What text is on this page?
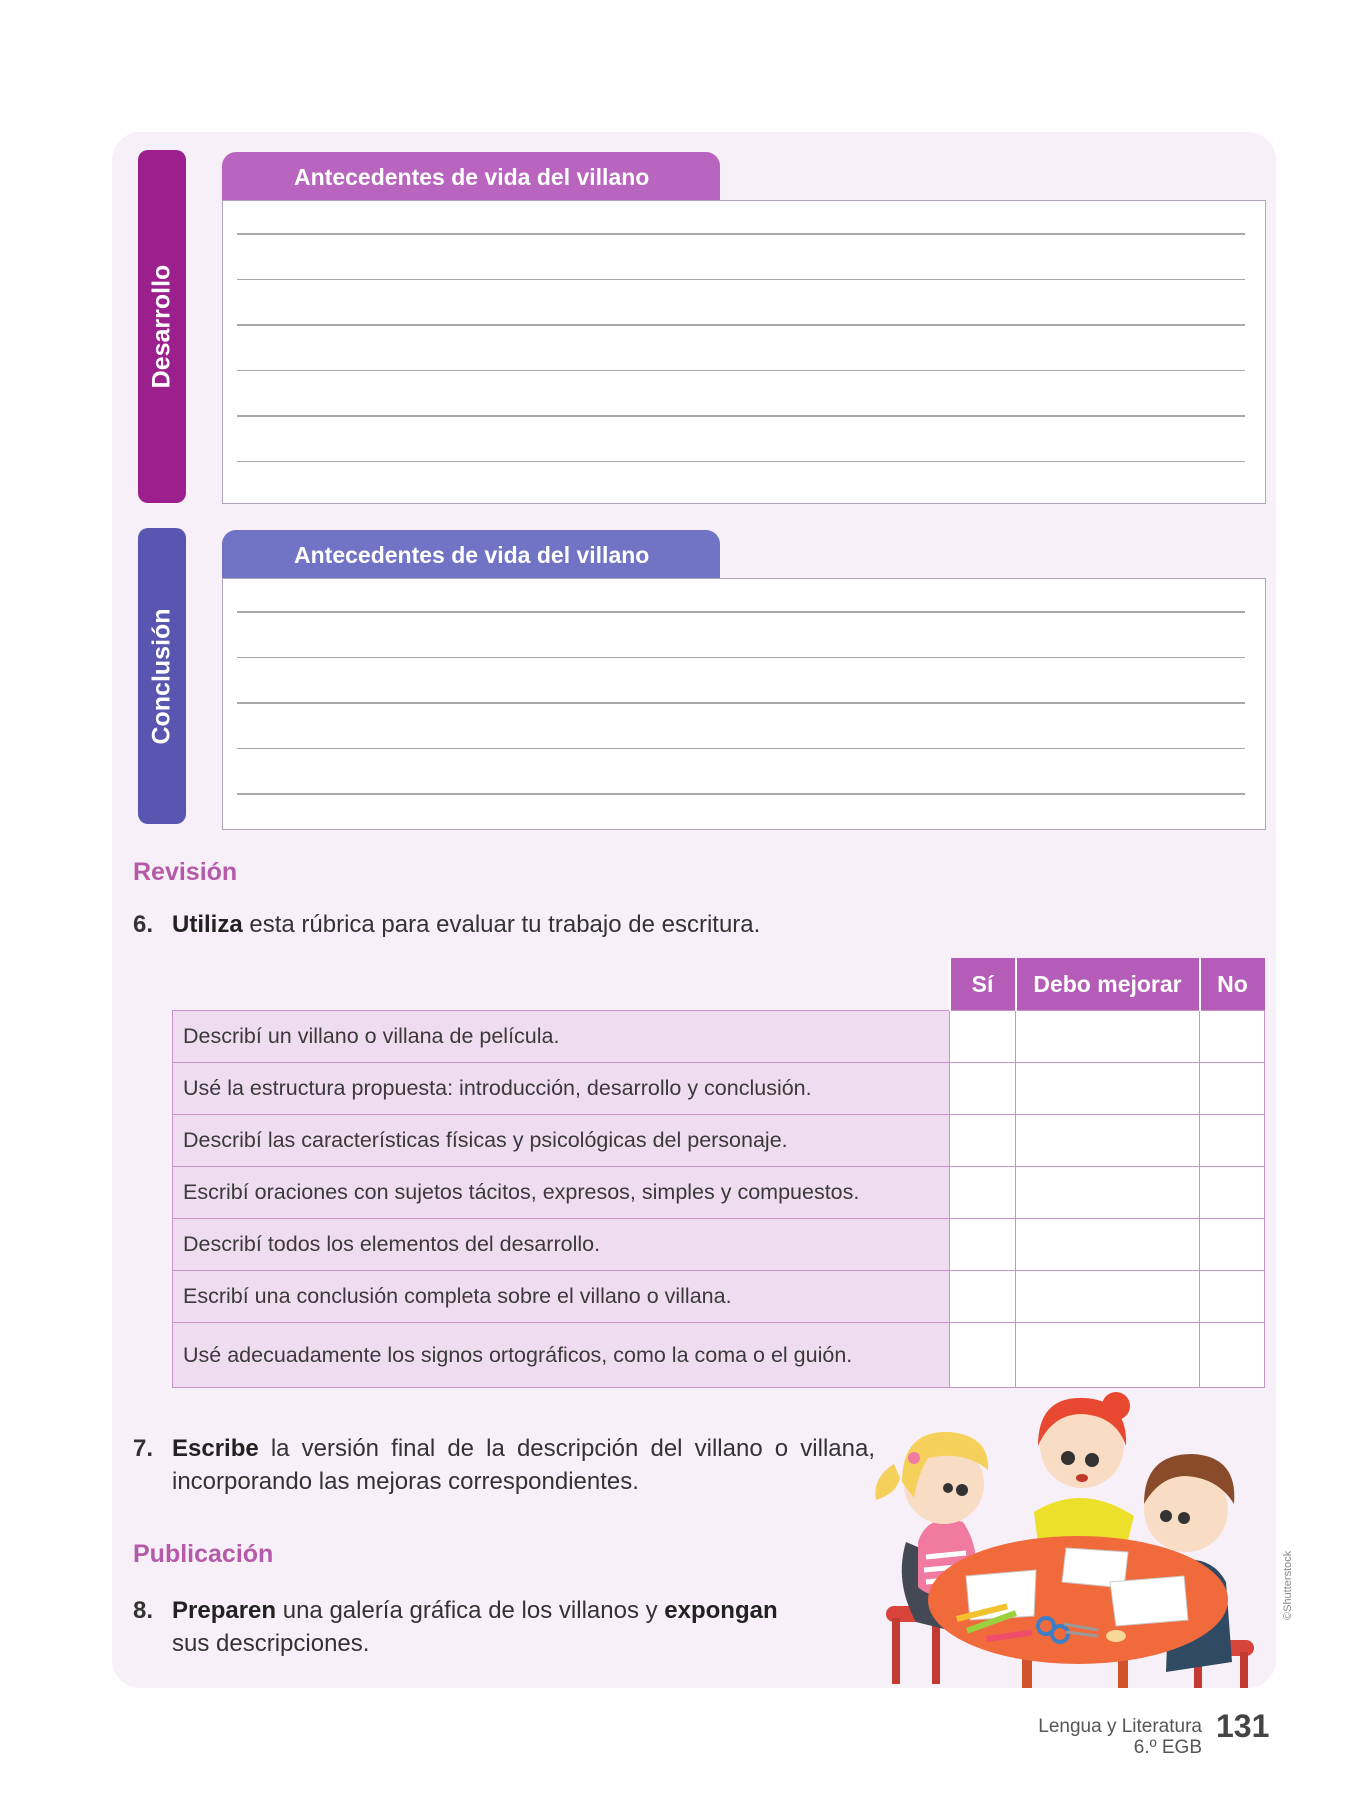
Desarrollo
Antecedentes de vida del villano
Conclusión
Antecedentes de vida del villano
Revisión
6. Utiliza esta rúbrica para evaluar tu trabajo de escritura.
	Sí	Debo mejorar	No
Describí un villano o villana de película.			
Usé la estructura propuesta: introducción, desarrollo y conclusión.			
Describí las características físicas y psicológicas del personaje.			
Escribí oraciones con sujetos tácitos, expresos, simples y compuestos.			
Describí todos los elementos del desarrollo.			
Escribí una conclusión completa sobre el villano o villana.			
Usé adecuadamente los signos ortográficos, como la coma o el guión.			
7. Escribe la versión final de la descripción del villano o villana, incorporando las mejoras correspondientes.
Publicación
8. Preparen una galería gráfica de los villanos y expongan sus descripciones.
©Shutterstock
Lengua y Literatura
6.º EGB
131
